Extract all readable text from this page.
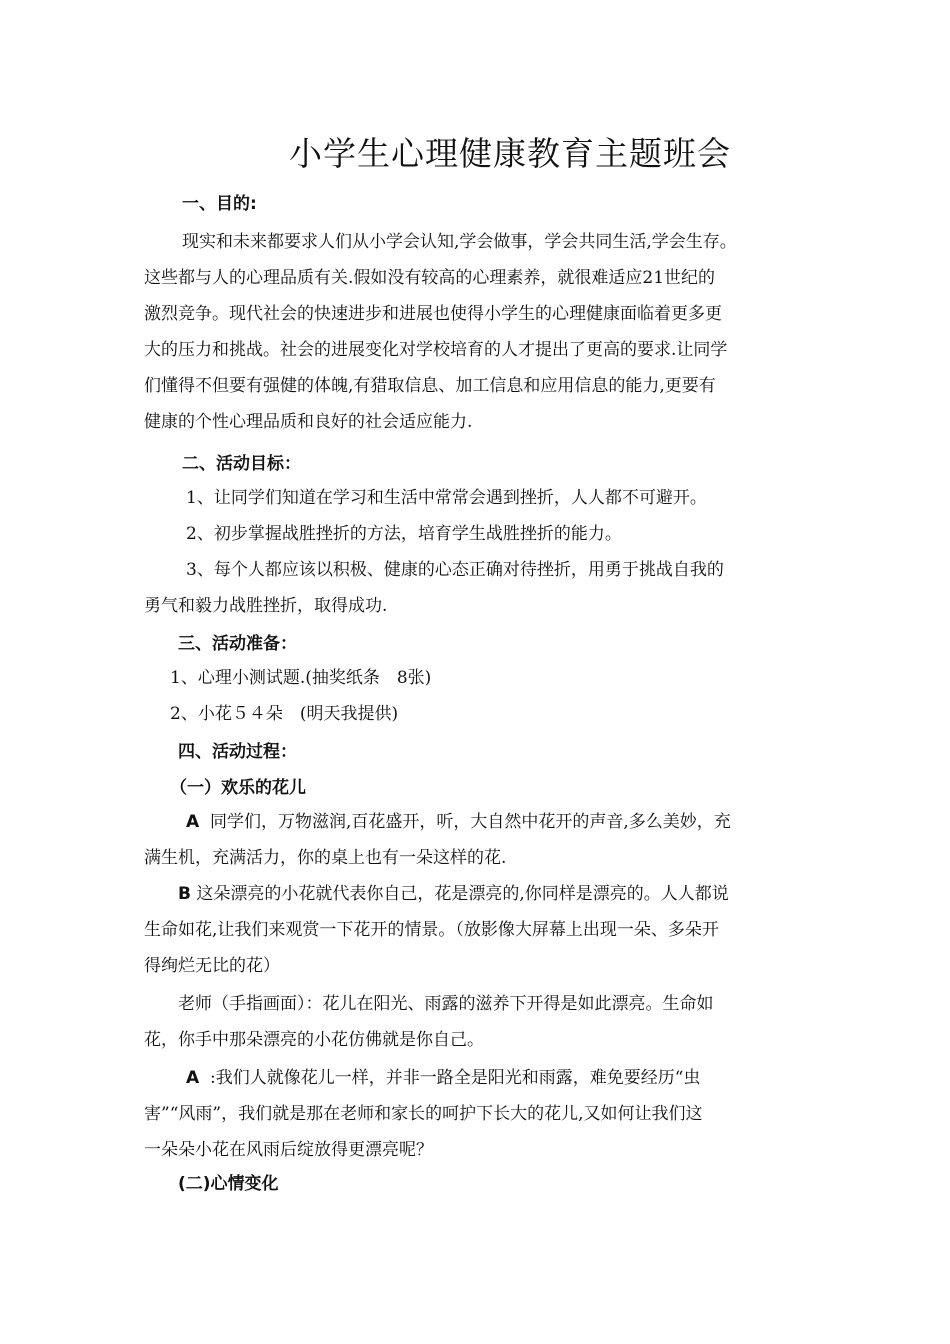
小学生心理健康教育主题班会

一、目的:

现实和未来都要求人们从小学会认知,学会做事，学会共同生活,学会生存。

这些都与人的心理品质有关.假如没有较高的心理素养，就很难适应21世纪的

激烈竞争。现代社会的快速进步和进展也使得小学生的心理健康面临着更多更

大的压力和挑战。社会的进展变化对学校培育的人才提出了更高的要求.让同学

们懂得不但要有强健的体魄,有猎取信息、加工信息和应用信息的能力,更要有

健康的个性心理品质和良好的社会适应能力.

二、活动目标：

1、让同学们知道在学习和生活中常常会遇到挫折，人人都不可避开。

2、初步掌握战胜挫折的方法，培育学生战胜挫折的能力。

3、每个人都应该以积极、健康的心态正确对待挫折，用勇于挑战自我的

勇气和毅力战胜挫折，取得成功.

三、活动准备：

1、心理小测试题.(抽奖纸条　8张)

2、小花５４朵　(明天我提供)

四、活动过程：

（一）欢乐的花儿

A 同学们，万物滋润,百花盛开，听，大自然中花开的声音,多么美妙，充

满生机，充满活力，你的桌上也有一朵这样的花.

B 这朵漂亮的小花就代表你自己，花是漂亮的,你同样是漂亮的。人人都说

生命如花,让我们来观赏一下花开的情景。（放影像大屏幕上出现一朵、多朵开

得绚烂无比的花）

老师（手指画面）：花儿在阳光、雨露的滋养下开得是如此漂亮。生命如

花，你手中那朵漂亮的小花仿佛就是你自己。

A :我们人就像花儿一样，并非一路全是阳光和雨露，难免要经历“虫

害”“风雨”，我们就是那在老师和家长的呵护下长大的花儿,又如何让我们这

一朵朵小花在风雨后绽放得更漂亮呢？

(二)心情变化
